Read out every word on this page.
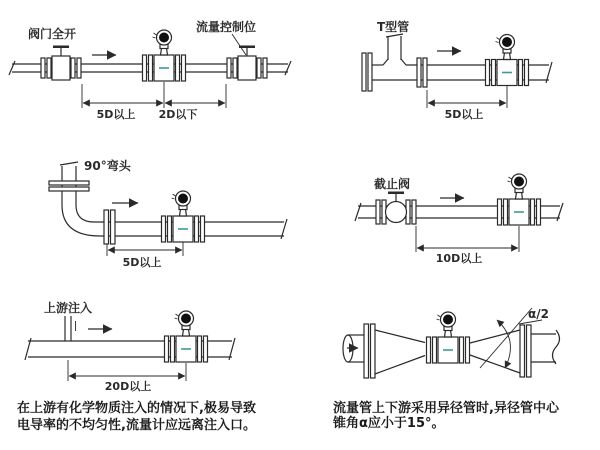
阀门全开	流量控制位
5D以上 2D以下
T型管
5D以上
90°弯头
5D以上
截止阀
10D以上
上游注入
20D以上
α/2
在上游有化学物质注入的情况下,极易导致
电导率的不均匀性,流量计应远离注入口。
流量管上下游采用异径管时,异径管中心
锥角α应小于15°。
